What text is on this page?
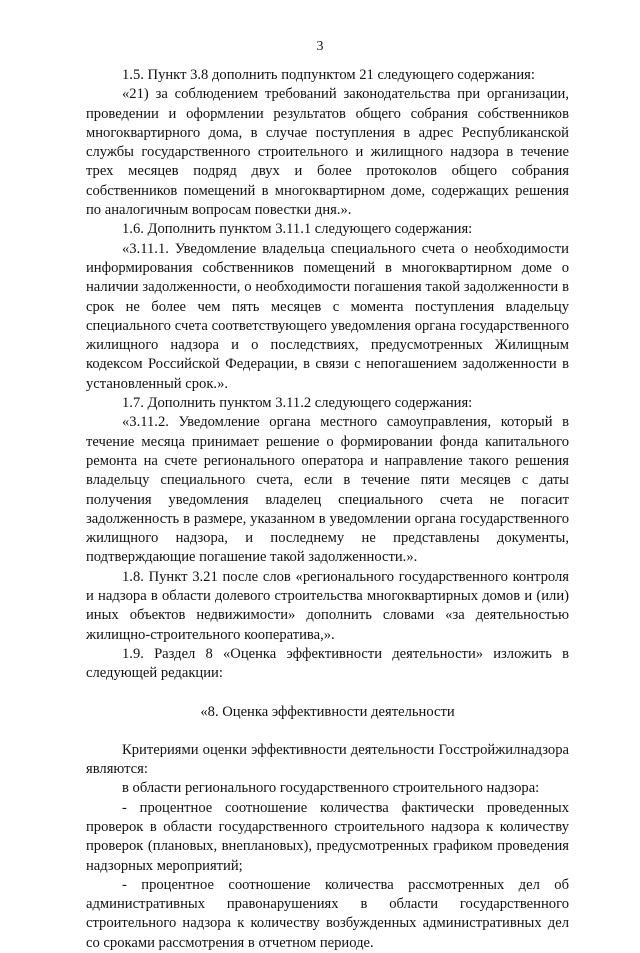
3

1.5. Пункт 3.8 дополнить подпунктом 21 следующего содержания:

«21) за соблюдением требований законодательства при организации, проведении и оформлении результатов общего собрания собственников многоквартирного дома, в случае поступления в адрес Республиканской службы государственного строительного и жилищного надзора в течение трех месяцев подряд двух и более протоколов общего собрания собственников помещений в многоквартирном доме, содержащих решения по аналогичным вопросам повестки дня.».

1.6. Дополнить пунктом 3.11.1 следующего содержания:

«3.11.1. Уведомление владельца специального счета о необходимости информирования собственников помещений в многоквартирном доме о наличии задолженности, о необходимости погашения такой задолженности в срок не более чем пять месяцев с момента поступления владельцу специального счета соответствующего уведомления органа государственного жилищного надзора и о последствиях, предусмотренных Жилищным кодексом Российской Федерации, в связи с непогашением задолженности в установленный срок.».

1.7. Дополнить пунктом 3.11.2 следующего содержания:

«3.11.2. Уведомление органа местного самоуправления, который в течение месяца принимает решение о формировании фонда капитального ремонта на счете регионального оператора и направление такого решения владельцу специального счета, если в течение пяти месяцев с даты получения уведомления владелец специального счета не погасит задолженность в размере, указанном в уведомлении органа государственного жилищного надзора, и последнему не представлены документы, подтверждающие погашение такой задолженности.».

1.8. Пункт 3.21 после слов «регионального государственного контроля и надзора в области долевого строительства многоквартирных домов и (или) иных объектов недвижимости» дополнить словами «за деятельностью жилищно-строительного кооператива,».

1.9. Раздел 8 «Оценка эффективности деятельности» изложить в следующей редакции:

«8. Оценка эффективности деятельности

Критериями оценки эффективности деятельности Госстройжилнадзора являются:

в области регионального государственного строительного надзора:

- процентное соотношение количества фактически проведенных проверок в области государственного строительного надзора к количеству проверок (плановых, внеплановых), предусмотренных графиком проведения надзорных мероприятий;

- процентное соотношение количества рассмотренных дел об административных правонарушениях в области государственного строительного надзора к количеству возбужденных административных дел со сроками рассмотрения в отчетном периоде.
